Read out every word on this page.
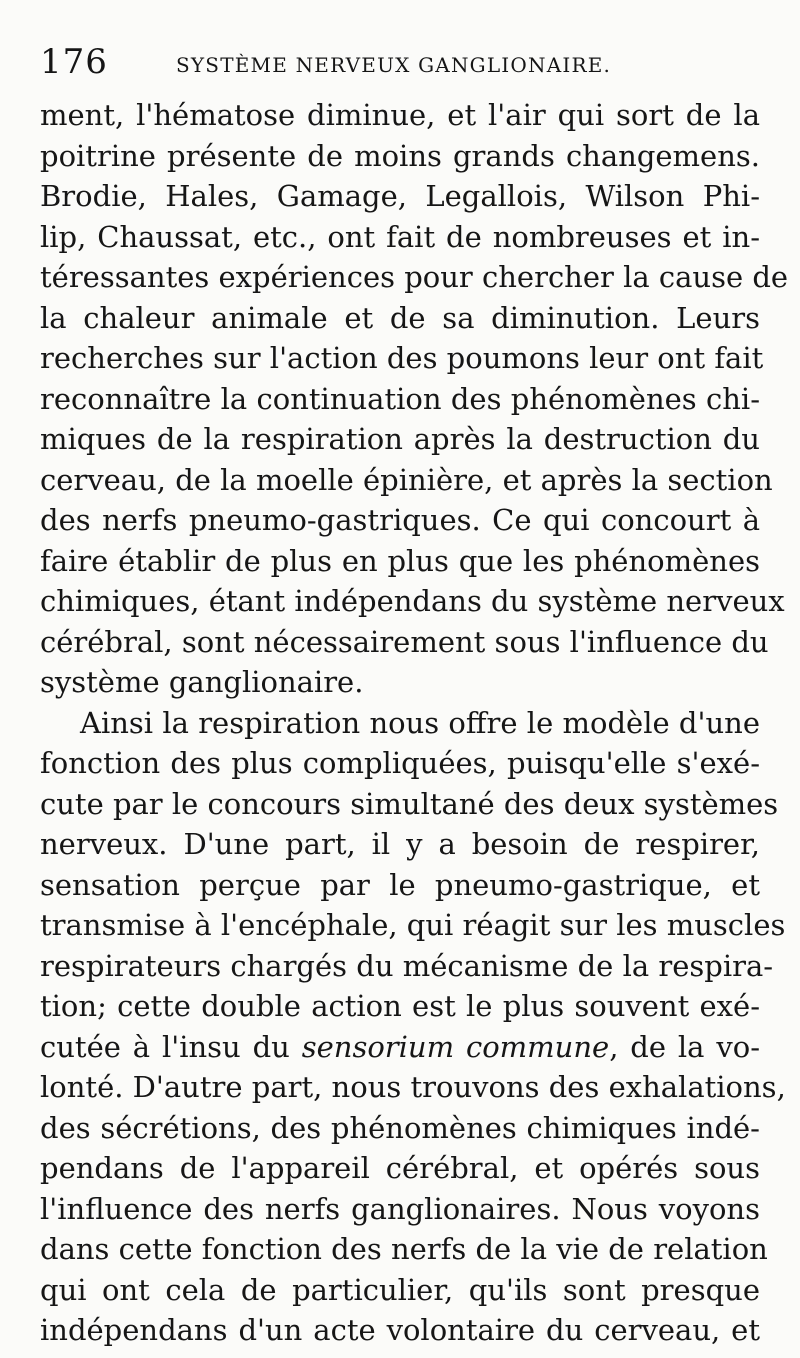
176	SYSTÈME NERVEUX GANGLIONAIRE.
ment, l'hématose diminue, et l'air qui sort de la
poitrine présente de moins grands changemens.
Brodie, Hales, Gamage, Legallois, Wilson Phi-
lip, Chaussat, etc., ont fait de nombreuses et in-
téressantes expériences pour chercher la cause de
la chaleur animale et de sa diminution. Leurs
recherches sur l'action des poumons leur ont fait
reconnaître la continuation des phénomènes chi-
miques de la respiration après la destruction du
cerveau, de la moelle épinière, et après la section
des nerfs pneumo-gastriques. Ce qui concourt à
faire établir de plus en plus que les phénomènes
chimiques, étant indépendans du système nerveux
cérébral, sont nécessairement sous l'influence du
système ganglionaire.
Ainsi la respiration nous offre le modèle d'une
fonction des plus compliquées, puisqu'elle s'exé-
cute par le concours simultané des deux systèmes
nerveux. D'une part, il y a besoin de respirer,
sensation perçue par le pneumo-gastrique, et
transmise à l'encéphale, qui réagit sur les muscles
respirateurs chargés du mécanisme de la respira-
tion; cette double action est le plus souvent exé-
cutée à l'insu du sensorium commune, de la vo-
lonté. D'autre part, nous trouvons des exhalations,
des sécrétions, des phénomènes chimiques indé-
pendans de l'appareil cérébral, et opérés sous
l'influence des nerfs ganglionaires. Nous voyons
dans cette fonction des nerfs de la vie de relation
qui ont cela de particulier, qu'ils sont presque
indépendans d'un acte volontaire du cerveau, et
